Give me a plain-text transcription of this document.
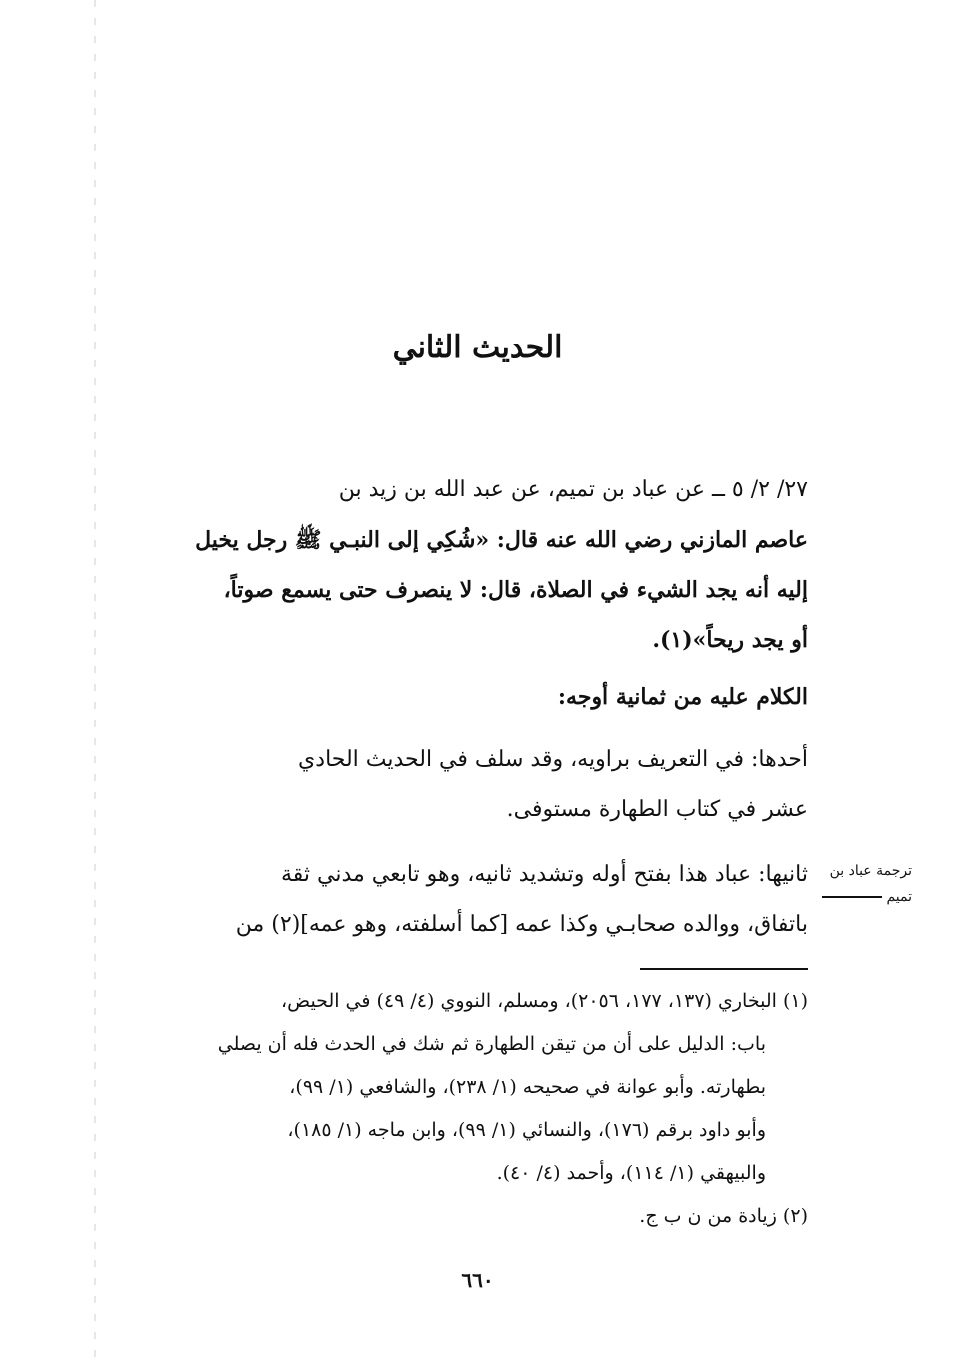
الحديث الثاني
٢٧/ ٢/ ٥ ــ عن عباد بن تميم، عن عبد الله بن زيد بن
عاصم المازني رضي الله عنه قال: «شُكِي إلى النبـي ﷺ رجل يخيل
إليه أنه يجد الشيء في الصلاة، قال: لا ينصرف حتى يسمع صوتاً،
أو يجد ريحاً»(١).
الكلام عليه من ثمانية أوجه:
أحدها: في التعريف براويه، وقد سلف في الحديث الحادي
عشر في كتاب الطهارة مستوفى.
ثانيها: عباد هذا بفتح أوله وتشديد ثانيه، وهو تابعي مدني ثقة
باتفاق، ووالده صحابـي وكذا عمه [كما أسلفته، وهو عمه](٢) من
ترجمة عباد بن
تميم
(١) البخاري (١٣٧، ١٧٧، ٢٠٥٦)، ومسلم، النووي (٤/ ٤٩) في الحيض،
باب: الدليل على أن من تيقن الطهارة ثم شك في الحدث فله أن يصلي
بطهارته. وأبو عوانة في صحيحه (١/ ٢٣٨)، والشافعي (١/ ٩٩)،
وأبو داود برقم (١٧٦)، والنسائي (١/ ٩٩)، وابن ماجه (١/ ١٨٥)،
والبيهقي (١/ ١١٤)، وأحمد (٤/ ٤٠).
(٢) زيادة من ن ب ج.
٦٦٠
